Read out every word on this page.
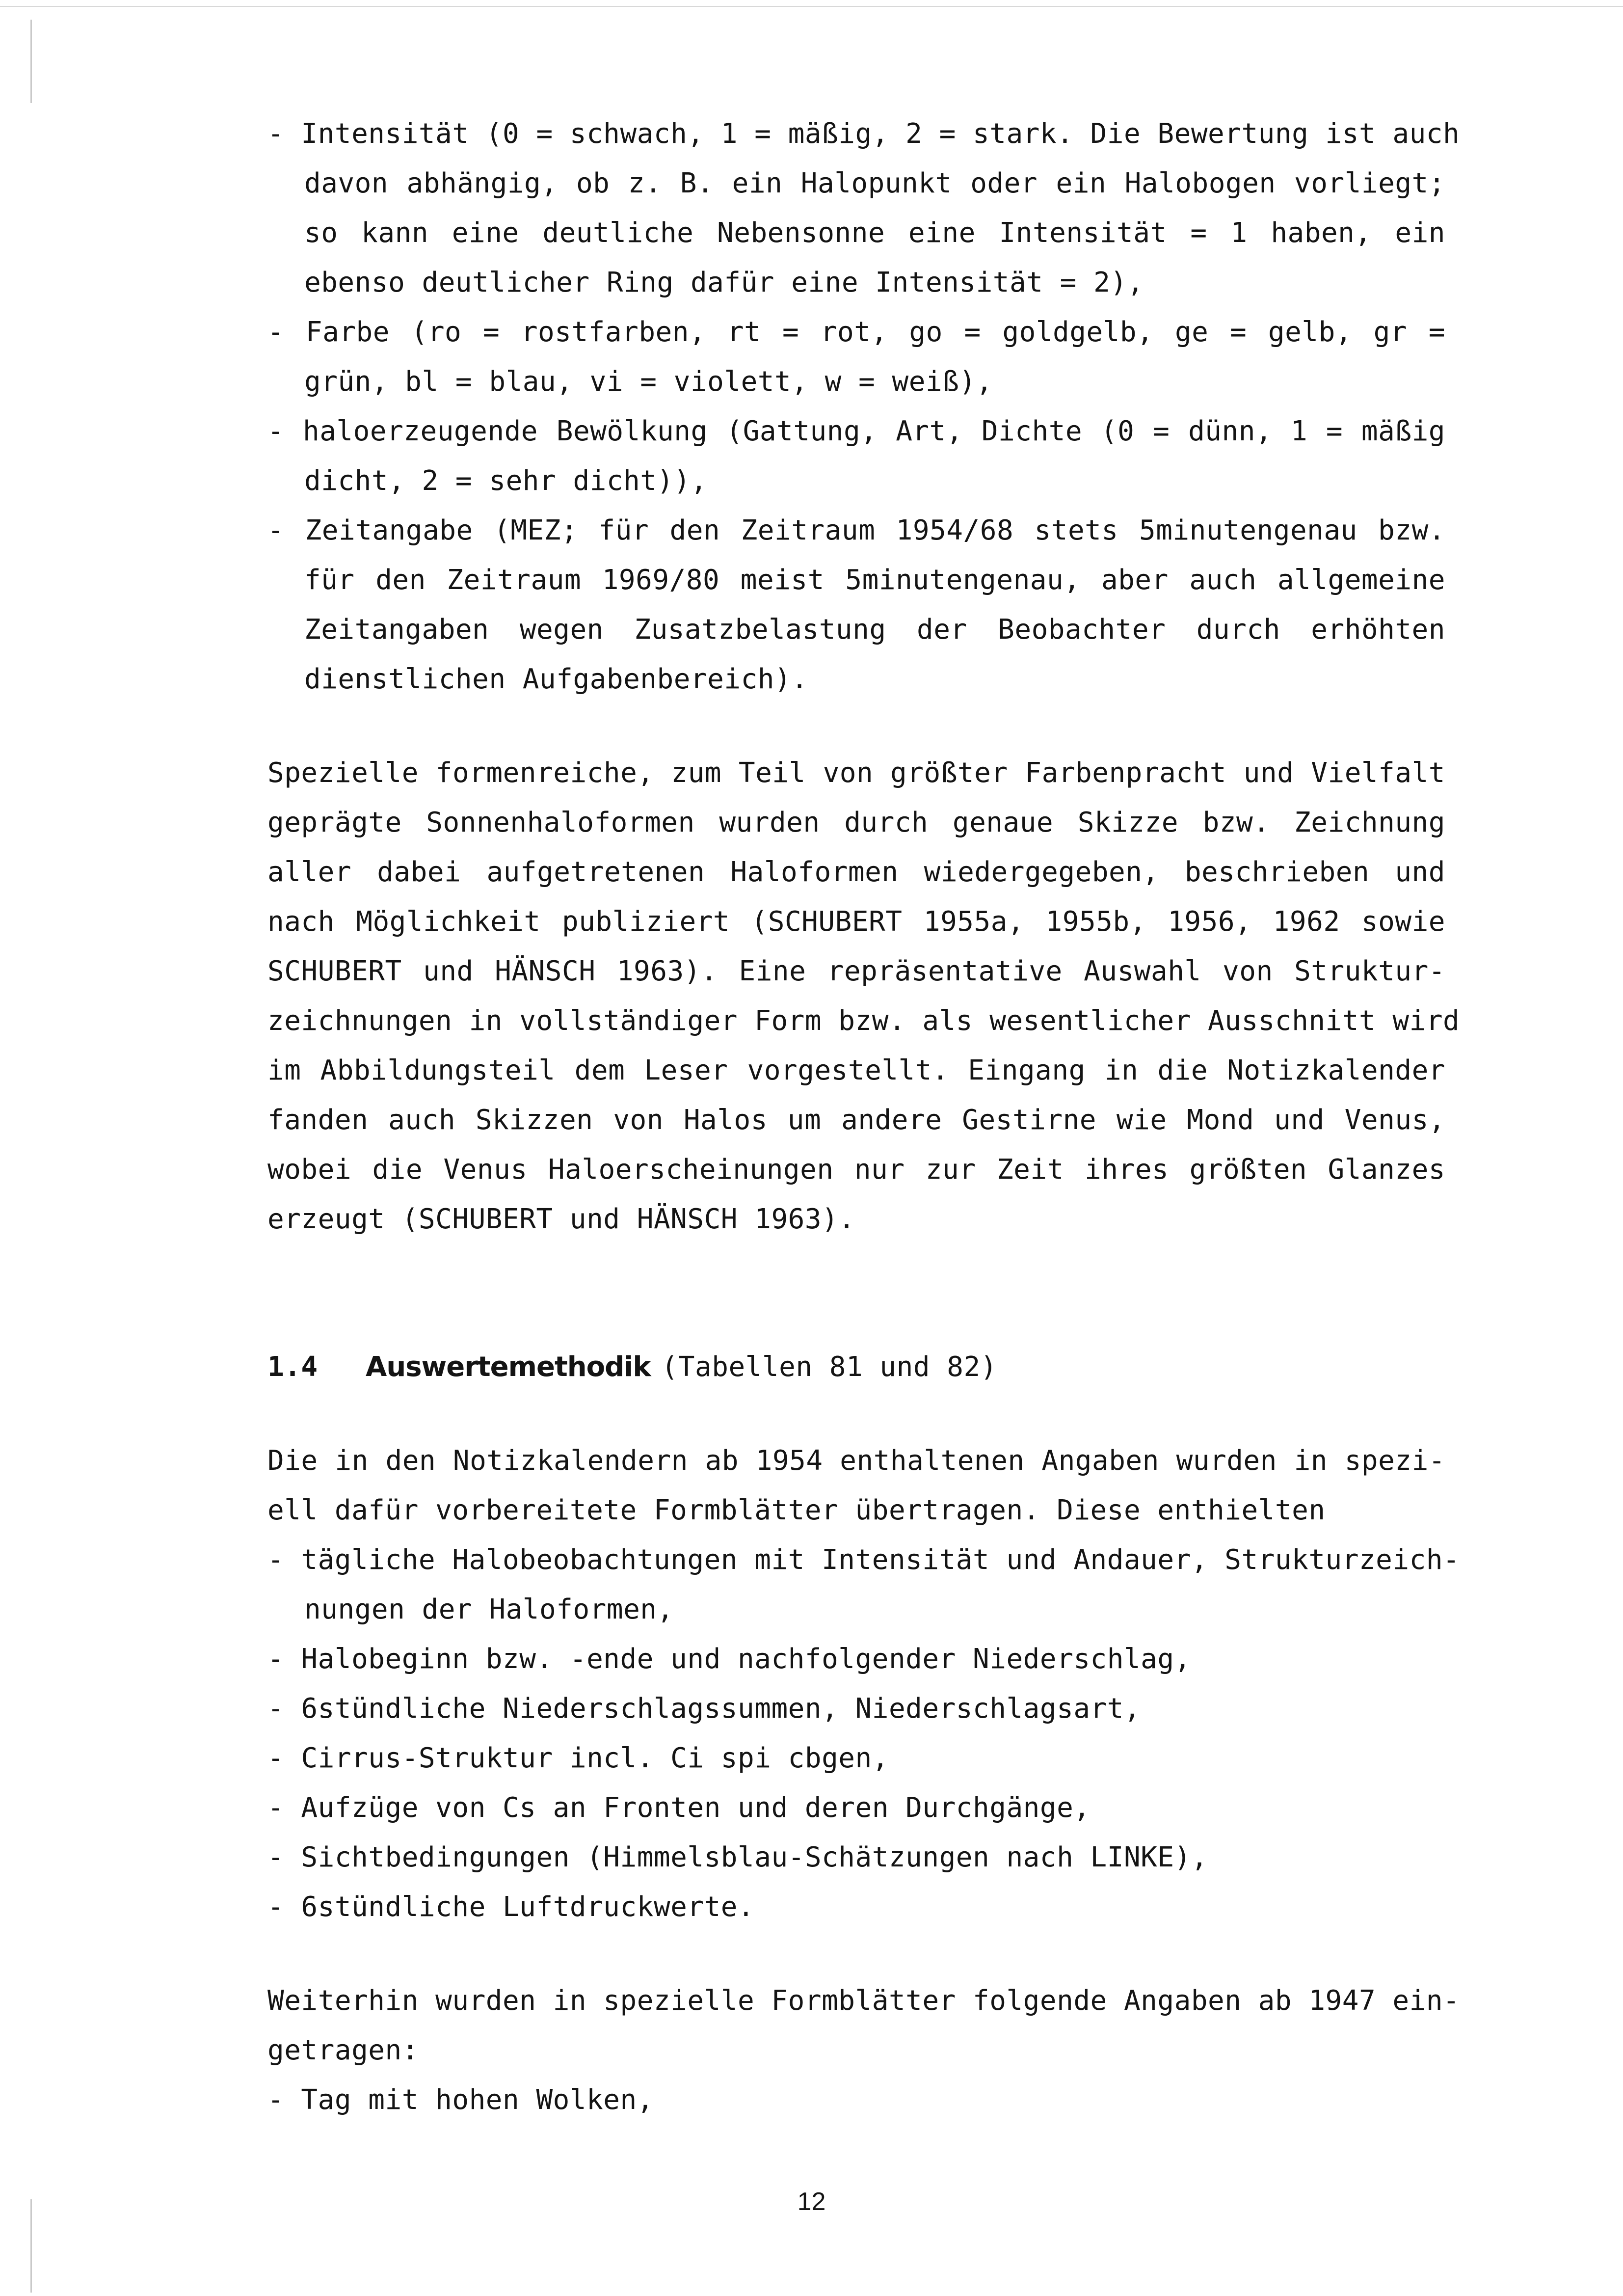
- Intensität (0 = schwach, 1 = mäßig, 2 = stark. Die Bewertung ist auch
davon abhängig, ob z. B. ein Halopunkt oder ein Halobogen vorliegt;
so kann eine deutliche Nebensonne eine Intensität = 1 haben, ein
ebenso deutlicher Ring dafür eine Intensität = 2),
- Farbe (ro = rostfarben, rt = rot, go = goldgelb, ge = gelb, gr =
grün, bl = blau, vi = violett, w = weiß),
- haloerzeugende Bewölkung (Gattung, Art, Dichte (0 = dünn, 1 = mäßig
dicht, 2 = sehr dicht)),
- Zeitangabe (MEZ; für den Zeitraum 1954/68 stets 5minutengenau bzw.
für den Zeitraum 1969/80 meist 5minutengenau, aber auch allgemeine
Zeitangaben wegen Zusatzbelastung der Beobachter durch erhöhten
dienstlichen Aufgabenbereich).
Spezielle formenreiche, zum Teil von größter Farbenpracht und Vielfalt
geprägte Sonnenhaloformen wurden durch genaue Skizze bzw. Zeichnung
aller dabei aufgetretenen Haloformen wiedergegeben, beschrieben und
nach Möglichkeit publiziert (SCHUBERT 1955a, 1955b, 1956, 1962 sowie
SCHUBERT und HÄNSCH 1963). Eine repräsentative Auswahl von Struktur-
zeichnungen in vollständiger Form bzw. als wesentlicher Ausschnitt wird
im Abbildungsteil dem Leser vorgestellt. Eingang in die Notizkalender
fanden auch Skizzen von Halos um andere Gestirne wie Mond und Venus,
wobei die Venus Haloerscheinungen nur zur Zeit ihres größten Glanzes
erzeugt (SCHUBERT und HÄNSCH 1963).
1.4	Auswertemethodik (Tabellen 81 und 82)
Die in den Notizkalendern ab 1954 enthaltenen Angaben wurden in spezi-
ell dafür vorbereitete Formblätter übertragen. Diese enthielten
- tägliche Halobeobachtungen mit Intensität und Andauer, Strukturzeich-
nungen der Haloformen,
- Halobeginn bzw. -ende und nachfolgender Niederschlag,
- 6stündliche Niederschlagssummen, Niederschlagsart,
- Cirrus-Struktur incl. Ci spi cbgen,
- Aufzüge von Cs an Fronten und deren Durchgänge,
- Sichtbedingungen (Himmelsblau-Schätzungen nach LINKE),
- 6stündliche Luftdruckwerte.
Weiterhin wurden in spezielle Formblätter folgende Angaben ab 1947 ein-
getragen:
- Tag mit hohen Wolken,
12
